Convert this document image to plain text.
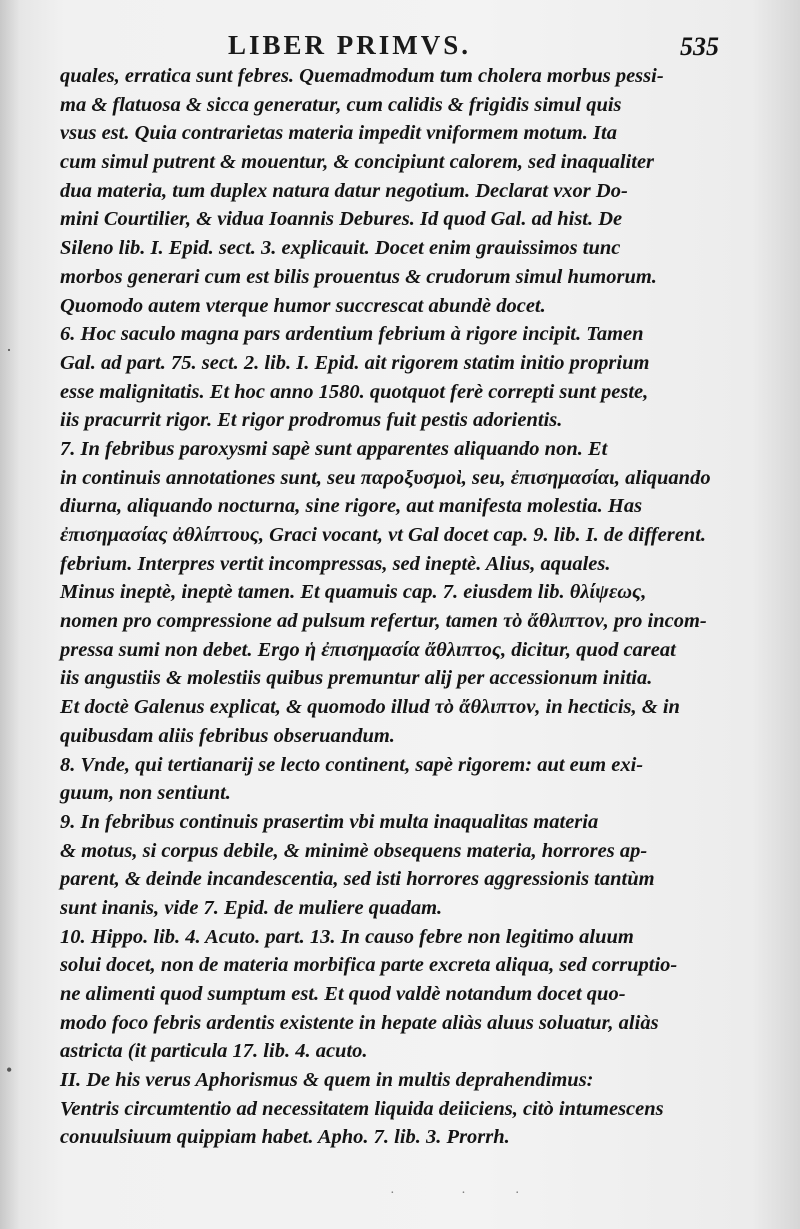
·
•
LIBER PRIMVS.	535
quales, erratica sunt febres. Quemadmodum tum cholera morbus pessi-
ma & flatuosa & sicca generatur, cum calidis & frigidis simul quis
vsus est. Quia contrarietas materia impedit vniformem motum. Ita
cum simul putrent & mouentur, & concipiunt calorem, sed inaqualiter
dua materia, tum duplex natura datur negotium. Declarat vxor Do-
mini Courtilier, & vidua Ioannis Debures. Id quod Gal. ad hist. De
Sileno lib. I. Epid. sect. 3. explicauit. Docet enim grauissimos tunc
morbos generari cum est bilis prouentus & crudorum simul humorum.
Quomodo autem vterque humor succrescat abundè docet.
6. Hoc saculo magna pars ardentium febrium à rigore incipit. Tamen
Gal. ad part. 75. sect. 2. lib. I. Epid. ait rigorem statim initio proprium
esse malignitatis. Et hoc anno 1580. quotquot ferè correpti sunt peste,
iis pracurrit rigor. Et rigor prodromus fuit pestis adorientis.
7. In febribus paroxysmi sapè sunt apparentes aliquando non. Et
in continuis annotationes sunt, seu παροξυσμοὶ, seu, ἐπισημασίαι, aliquando
diurna, aliquando nocturna, sine rigore, aut manifesta molestia. Has
ἐπισημασίας ἀθλίπτους, Graci vocant, vt Gal docet cap. 9. lib. I. de different.
febrium. Interpres vertit incompressas, sed ineptè. Alius, aquales.
Minus ineptè, ineptè tamen. Et quamuis cap. 7. eiusdem lib. θλίψεως,
nomen pro compressione ad pulsum refertur, tamen τὸ ἄθλιπτον, pro incom-
pressa sumi non debet. Ergo ἡ ἐπισημασία ἄθλιπτος, dicitur, quod careat
iis angustiis & molestiis quibus premuntur alij per accessionum initia.
Et doctè Galenus explicat, & quomodo illud τὸ ἄθλιπτον, in hecticis, & in
quibusdam aliis febribus obseruandum.
8. Vnde, qui tertianarij se lecto continent, sapè rigorem: aut eum exi-
guum, non sentiunt.
9. In febribus continuis prasertim vbi multa inaqualitas materia
& motus, si corpus debile, & minimè obsequens materia, horrores ap-
parent, & deinde incandescentia, sed isti horrores aggressionis tantùm
sunt inanis, vide 7. Epid. de muliere quadam.
10. Hippo. lib. 4. Acuto. part. 13. In causo febre non legitimo aluum
solui docet, non de materia morbifica parte excreta aliqua, sed corruptio-
ne alimenti quod sumptum est. Et quod valdè notandum docet quo-
modo foco febris ardentis existente in hepate aliàs aluus soluatur, aliàs
astricta (it particula 17. lib. 4. acuto.
II. De his verus Aphorismus & quem in multis deprahendimus:
Ventris circumtentio ad necessitatem liquida deiiciens, citò intumescens
conuulsiuum quippiam habet. Apho. 7. lib. 3. Prorrh.
·                   ·              ·
